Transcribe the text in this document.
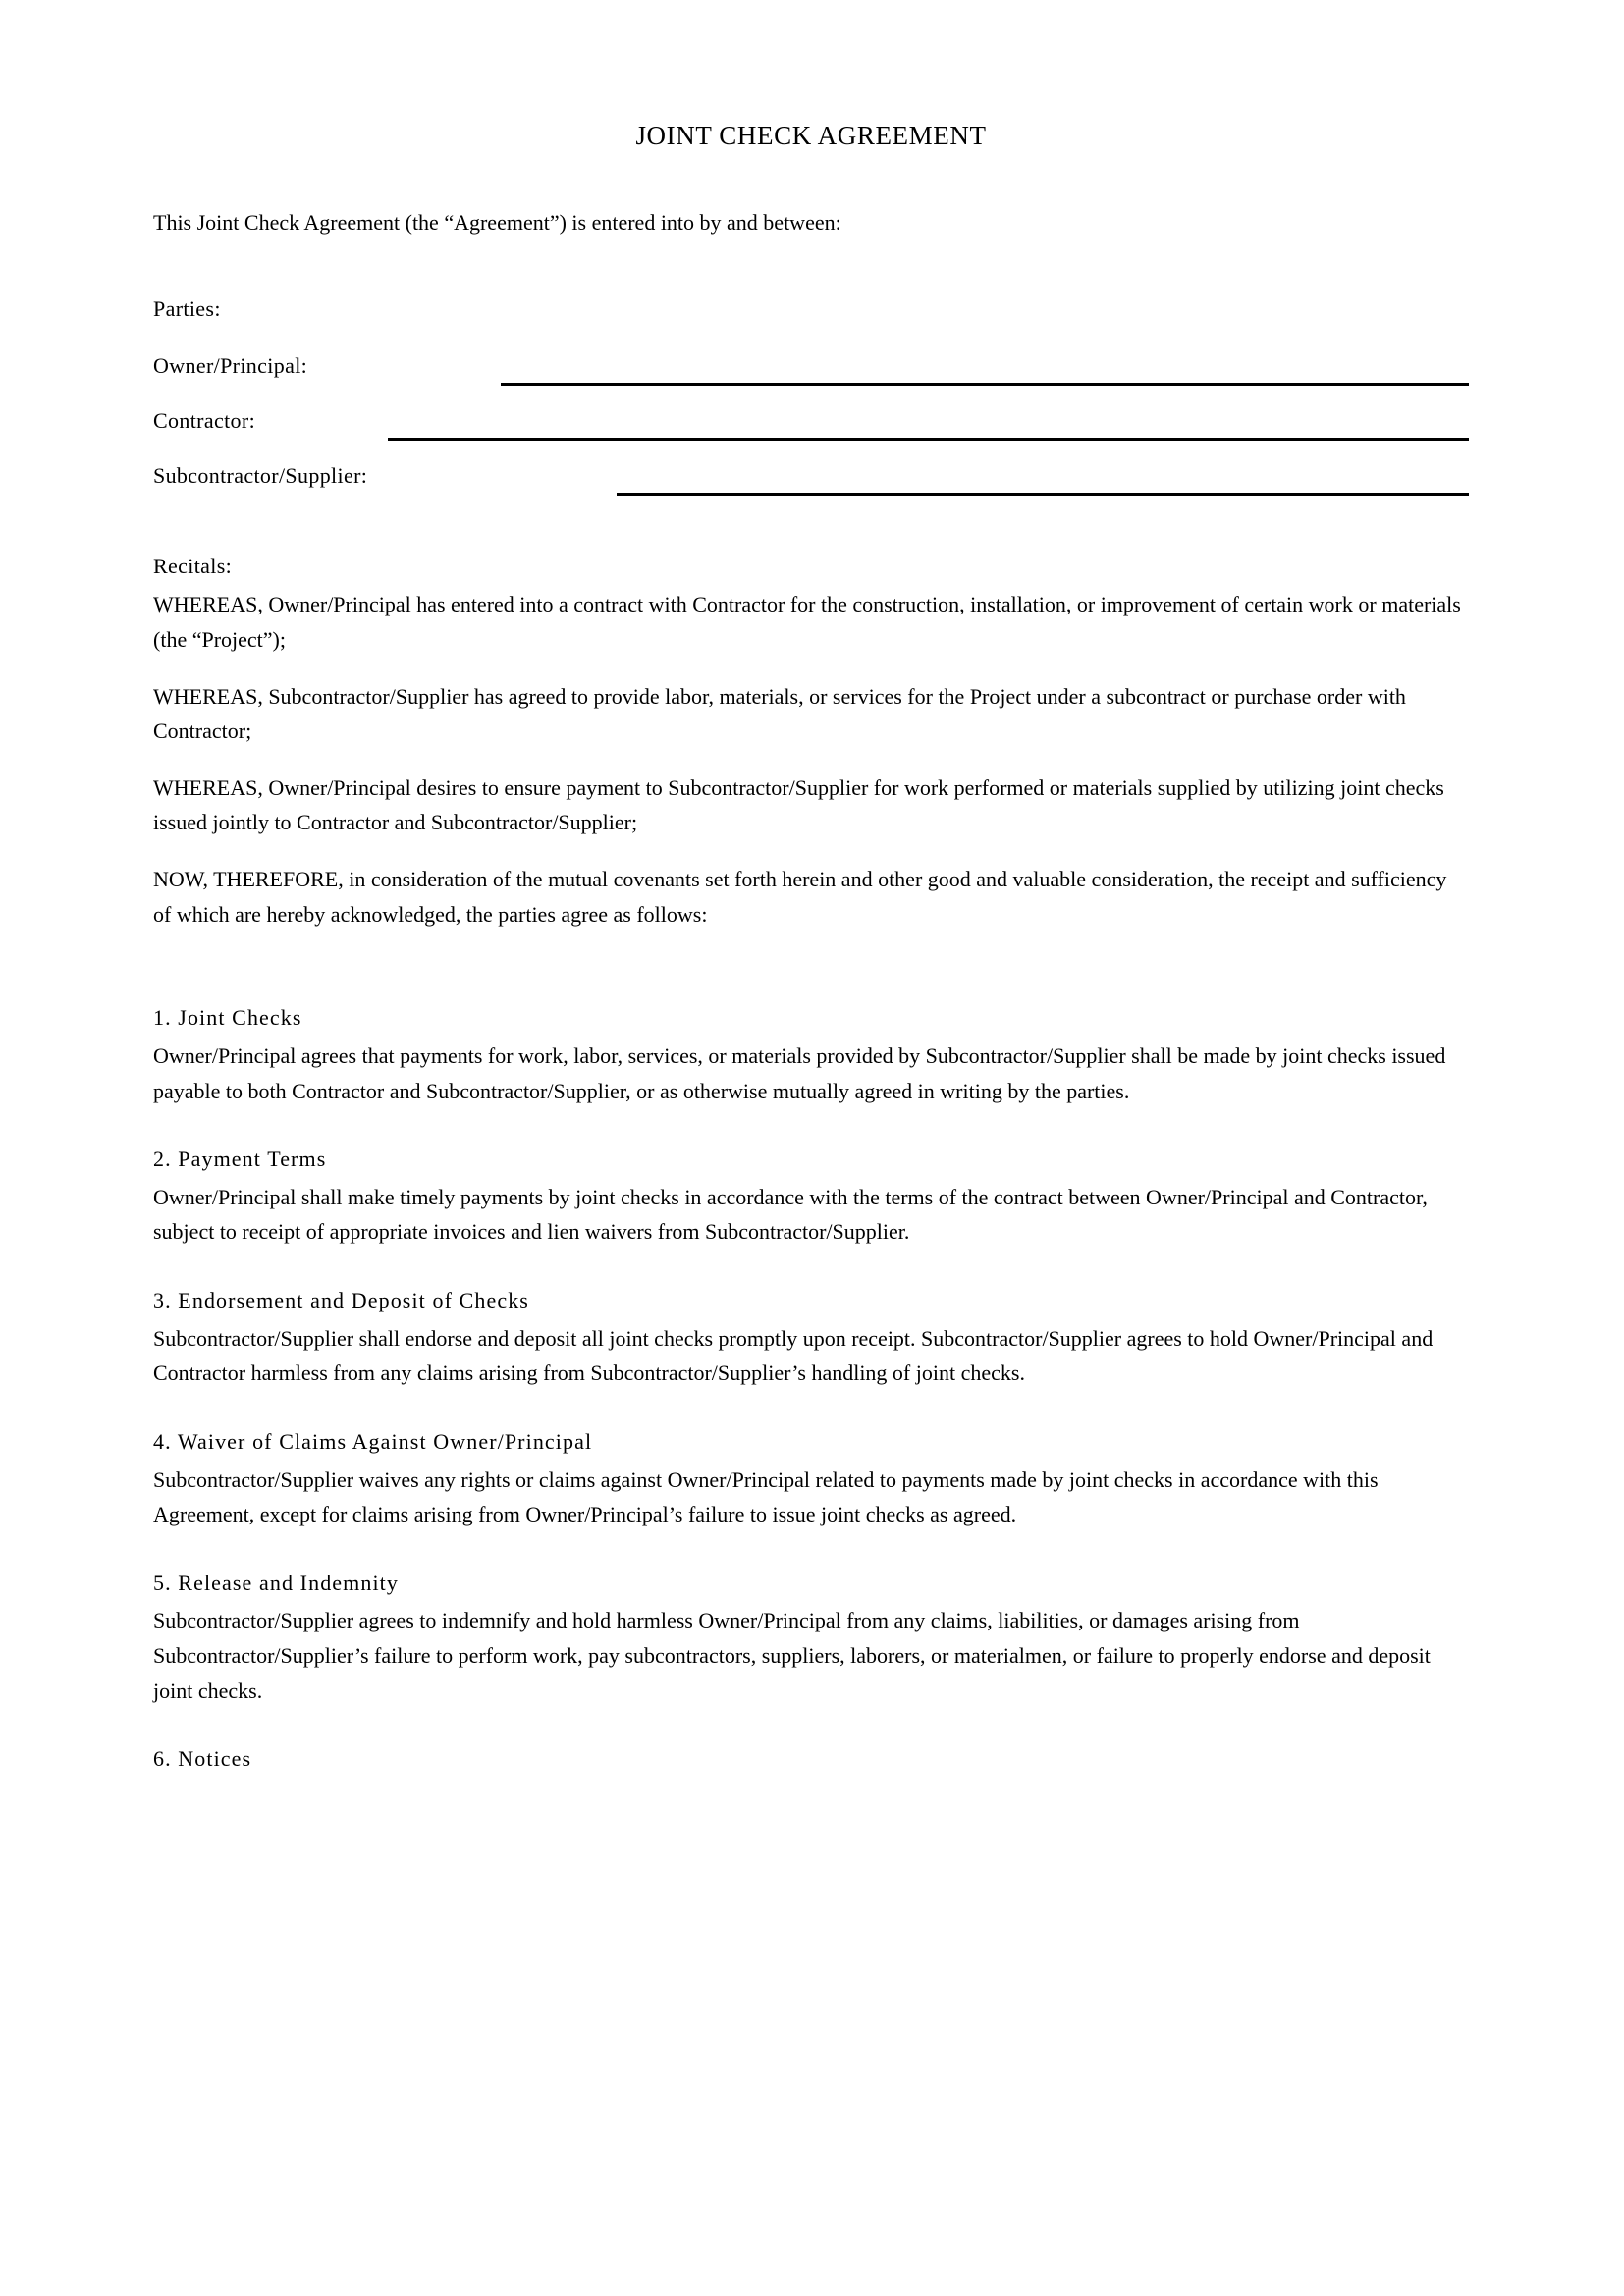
JOINT CHECK AGREEMENT

This Joint Check Agreement (the “Agreement”) is entered into by and between:

Parties:
Owner/Principal:
Contractor:
Subcontractor/Supplier:
Recitals:

WHEREAS, Owner/Principal has entered into a contract with Contractor for the construction, installation, or improvement of certain work or materials (the “Project”);

WHEREAS, Subcontractor/Supplier has agreed to provide labor, materials, or services for the Project under a subcontract or purchase order with Contractor;

WHEREAS, Owner/Principal desires to ensure payment to Subcontractor/Supplier for work performed or materials supplied by utilizing joint checks issued jointly to Contractor and Subcontractor/Supplier;

NOW, THEREFORE, in consideration of the mutual covenants set forth herein and other good and valuable consideration, the receipt and sufficiency of which are hereby acknowledged, the parties agree as follows:

1. Joint Checks

Owner/Principal agrees that payments for work, labor, services, or materials provided by Subcontractor/Supplier shall be made by joint checks issued payable to both Contractor and Subcontractor/Supplier, or as otherwise mutually agreed in writing by the parties.

2. Payment Terms

Owner/Principal shall make timely payments by joint checks in accordance with the terms of the contract between Owner/Principal and Contractor, subject to receipt of appropriate invoices and lien waivers from Subcontractor/Supplier.

3. Endorsement and Deposit of Checks

Subcontractor/Supplier shall endorse and deposit all joint checks promptly upon receipt. Subcontractor/Supplier agrees to hold Owner/Principal and Contractor harmless from any claims arising from Subcontractor/Supplier’s handling of joint checks.

4. Waiver of Claims Against Owner/Principal

Subcontractor/Supplier waives any rights or claims against Owner/Principal related to payments made by joint checks in accordance with this Agreement, except for claims arising from Owner/Principal’s failure to issue joint checks as agreed.

5. Release and Indemnity

Subcontractor/Supplier agrees to indemnify and hold harmless Owner/Principal from any claims, liabilities, or damages arising from Subcontractor/Supplier’s failure to perform work, pay subcontractors, suppliers, laborers, or materialmen, or failure to properly endorse and deposit joint checks.

6. Notices
